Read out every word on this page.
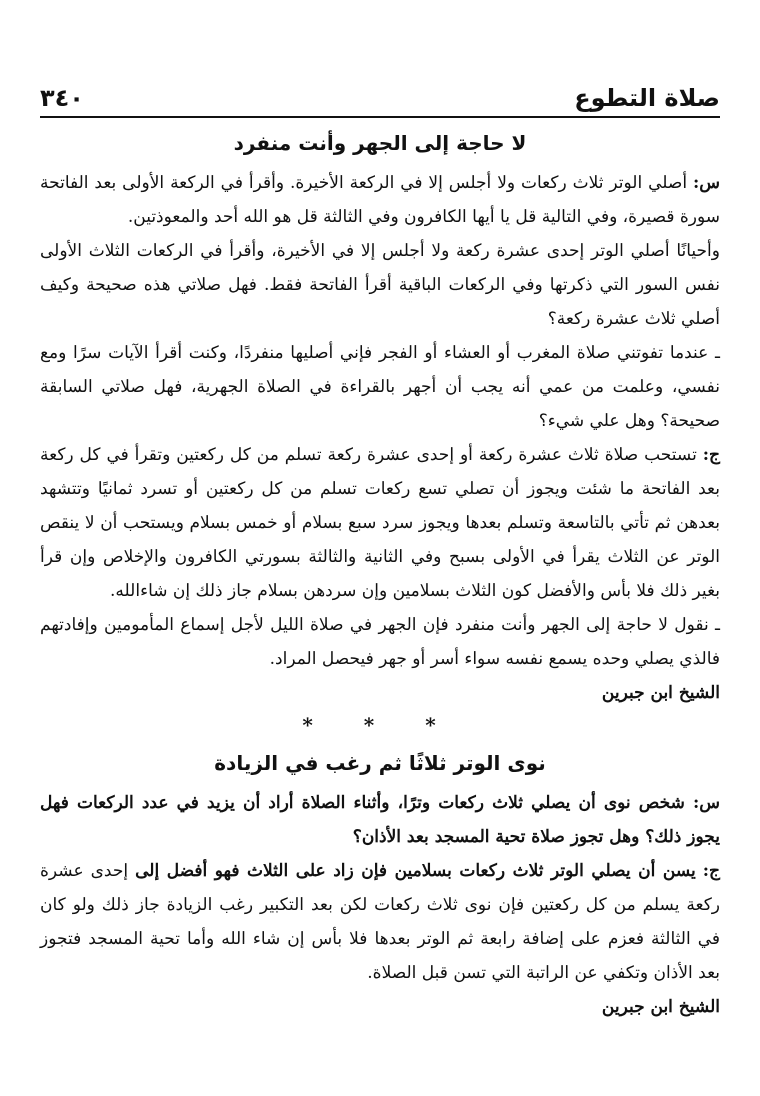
صلاة التطوع
٣٤٠
لا حاجة إلى الجهر وأنت منفرد

س: أصلي الوتر ثلاث ركعات ولا أجلس إلا في الركعة الأخيرة. وأقرأ في الركعة الأولى بعد الفاتحة سورة قصيرة، وفي التالية قل يا أيها الكافرون وفي الثالثة قل هو الله أحد والمعوذتين.

وأحيانًا أصلي الوتر إحدى عشرة ركعة ولا أجلس إلا في الأخيرة، وأقرأ في الركعات الثلاث الأولى نفس السور التي ذكرتها وفي الركعات الباقية أقرأ الفاتحة فقط. فهل صلاتي هذه صحيحة وكيف أصلي ثلاث عشرة ركعة؟

ـ عندما تفوتني صلاة المغرب أو العشاء أو الفجر فإني أصليها منفردًا، وكنت أقرأ الآيات سرًا ومع نفسي، وعلمت من عمي أنه يجب أن أجهر بالقراءة في الصلاة الجهرية، فهل صلاتي السابقة صحيحة؟ وهل علي شيء؟

ج: تستحب صلاة ثلاث عشرة ركعة أو إحدى عشرة ركعة تسلم من كل ركعتين وتقرأ في كل ركعة بعد الفاتحة ما شئت ويجوز أن تصلي تسع ركعات تسلم من كل ركعتين أو تسرد ثمانيًا وتتشهد بعدهن ثم تأتي بالتاسعة وتسلم بعدها ويجوز سرد سبع بسلام أو خمس بسلام ويستحب أن لا ينقص الوتر عن الثلاث يقرأ في الأولى بسبح وفي الثانية والثالثة بسورتي الكافرون والإخلاص وإن قرأ بغير ذلك فلا بأس والأفضل كون الثلاث بسلامين وإن سردهن بسلام جاز ذلك إن شاءالله.

ـ نقول لا حاجة إلى الجهر وأنت منفرد فإن الجهر في صلاة الليل لأجل إسماع المأمومين وإفادتهم فالذي يصلي وحده يسمع نفسه سواء أسر أو جهر فيحصل المراد.

الشيخ ابن جبرين

* * *
نوى الوتر ثلاثًا ثم رغب في الزيادة

س: شخص نوى أن يصلي ثلاث ركعات وترًا، وأثناء الصلاة أراد أن يزيد في عدد الركعات فهل يجوز ذلك؟ وهل تجوز صلاة تحية المسجد بعد الأذان؟

ج: يسن أن يصلي الوتر ثلاث ركعات بسلامين فإن زاد على الثلاث فهو أفضل إلى إحدى عشرة ركعة يسلم من كل ركعتين فإن نوى ثلاث ركعات لكن بعد التكبير رغب الزيادة جاز ذلك ولو كان في الثالثة فعزم على إضافة رابعة ثم الوتر بعدها فلا بأس إن شاء الله وأما تحية المسجد فتجوز بعد الأذان وتكفي عن الراتبة التي تسن قبل الصلاة.

الشيخ ابن جبرين
